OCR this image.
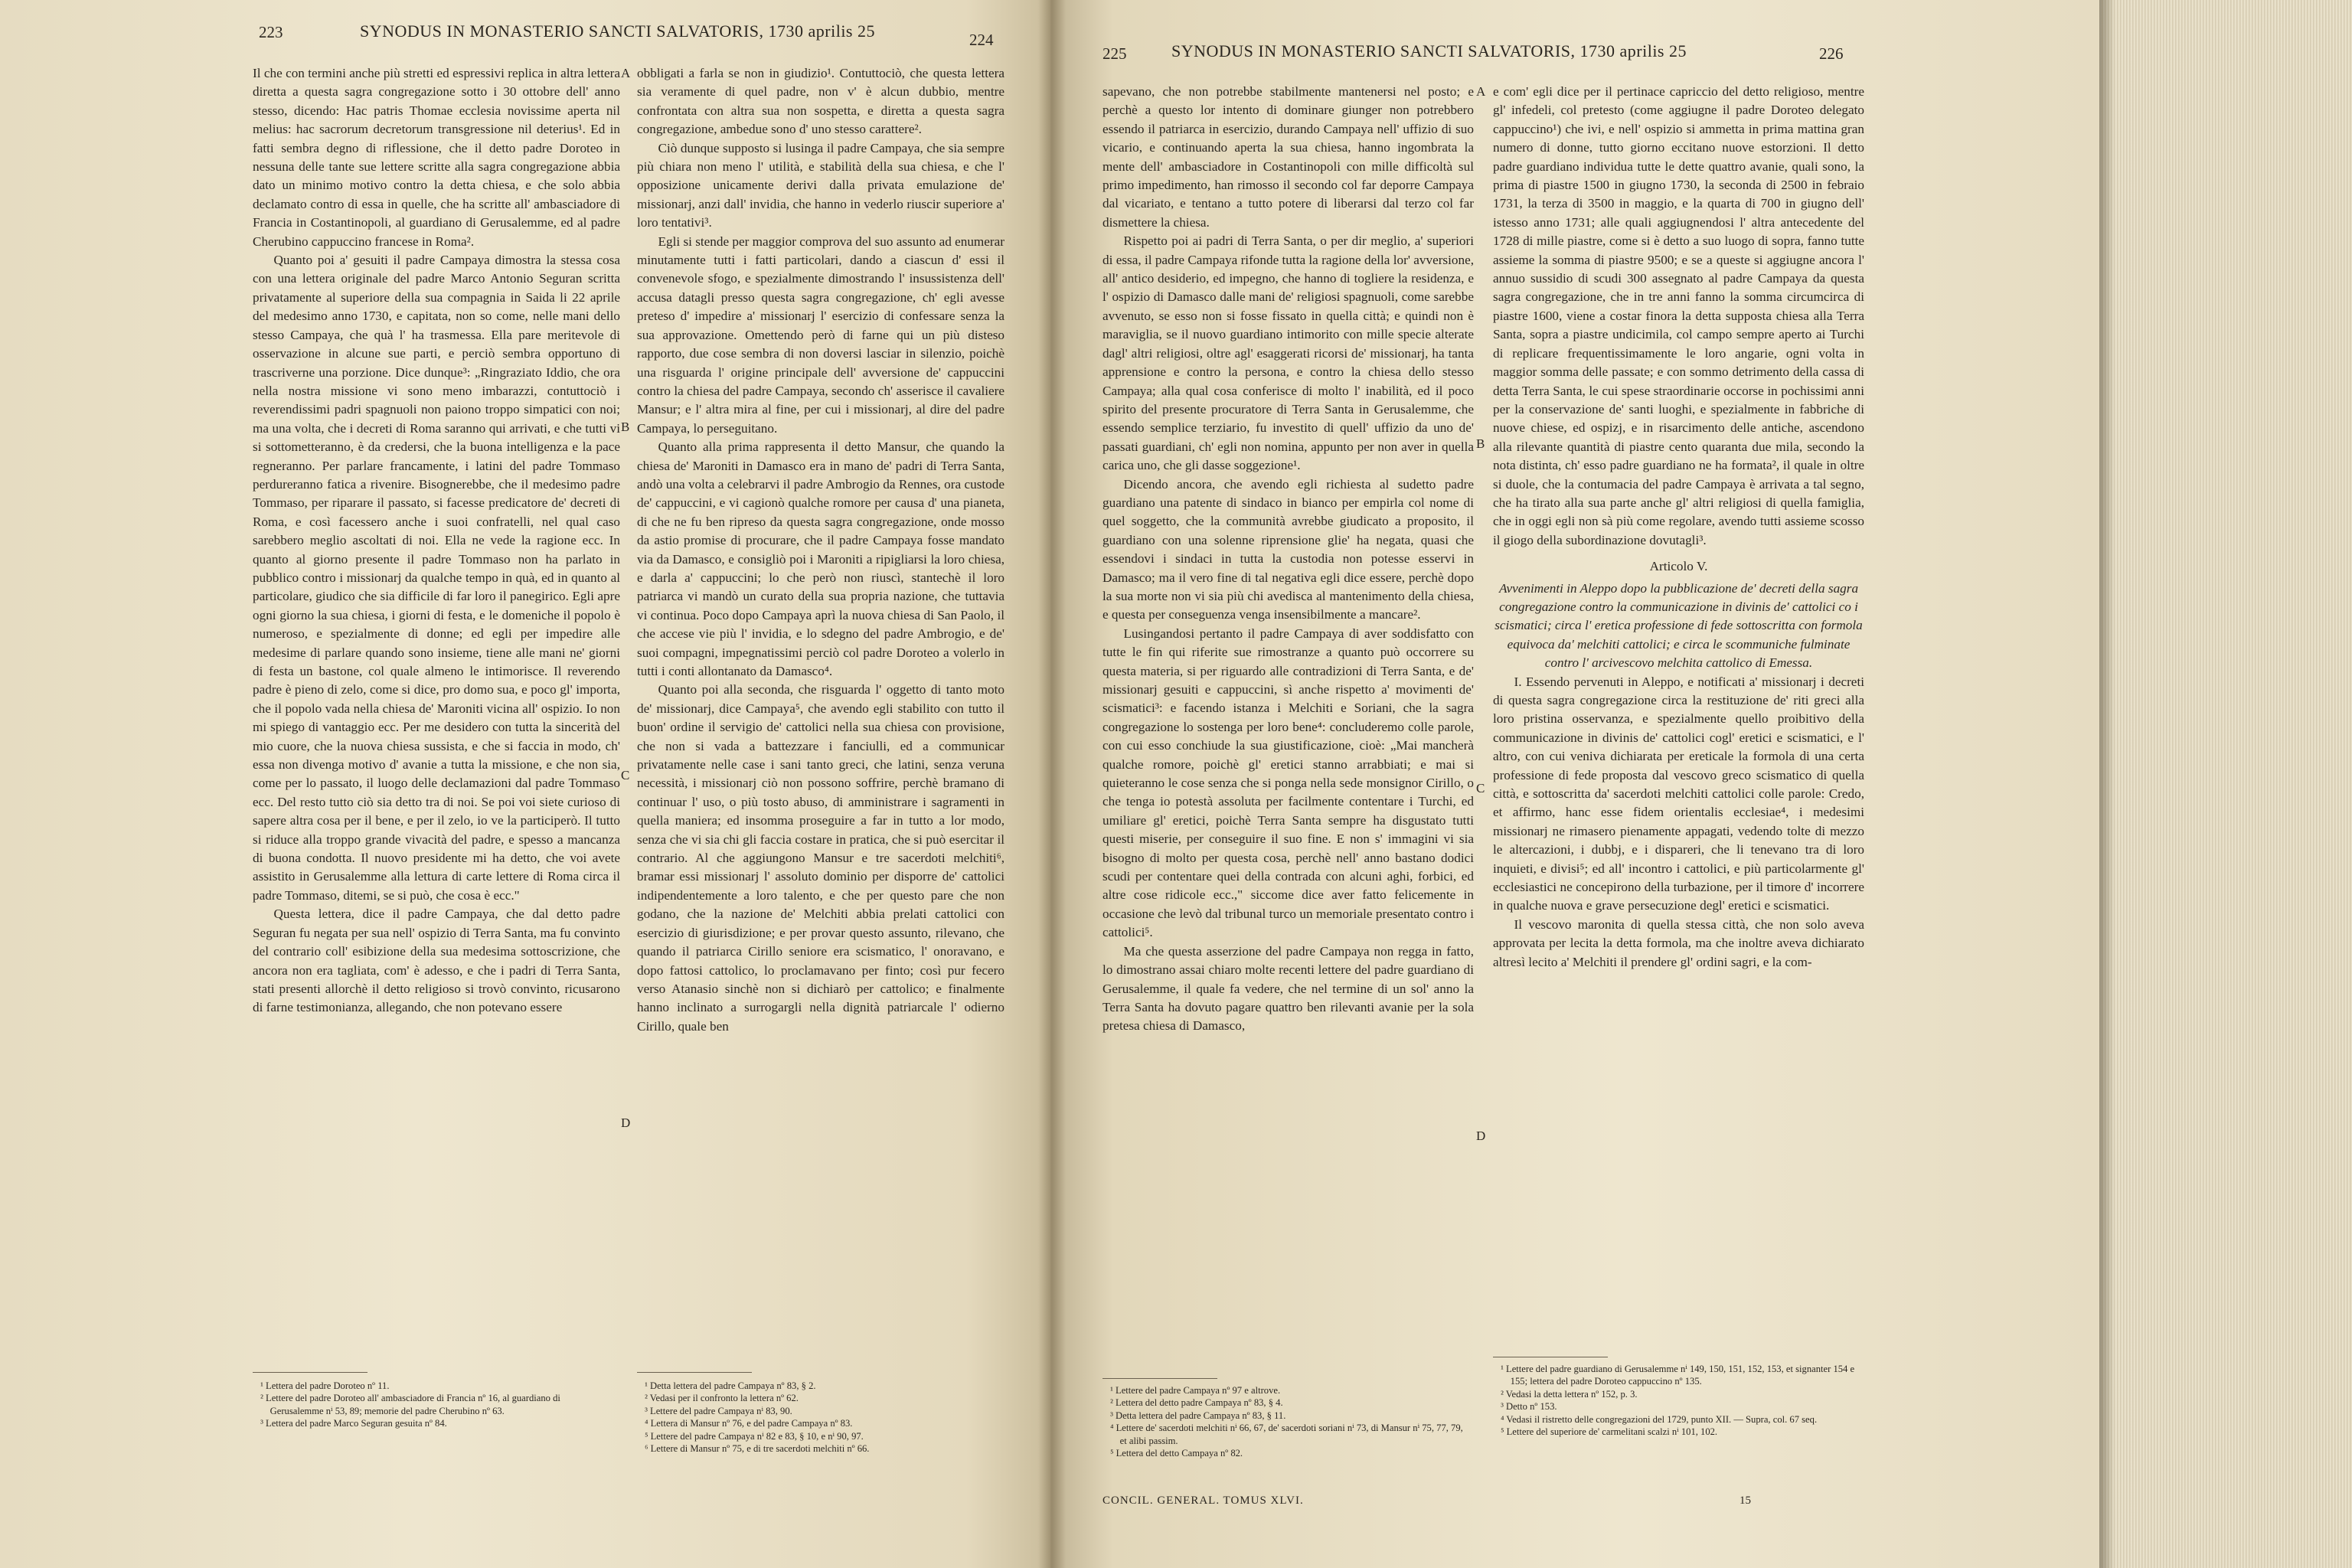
223	SYNODUS IN MONASTERIO SANCTI SALVATORIS, 1730 aprilis 25	224

Il che con termini anche più stretti ed espressivi replica in altra lettera diretta a questa sagra congregazione sotto i 30 ottobre dell' anno stesso, dicendo: Hac patris Thomae ecclesia novissime aperta nil melius: hac sacrorum decretorum transgressione nil deterius¹. Ed in fatti sembra degno di riflessione, che il detto padre Doroteo in nessuna delle tante sue lettere scritte alla sagra congregazione abbia dato un minimo motivo contro la detta chiesa, e che solo abbia declamato contro di essa in quelle, che ha scritte all' ambasciadore di Francia in Costantinopoli, al guardiano di Gerusalemme, ed al padre Cherubino cappuccino francese in Roma².

Quanto poi a' gesuiti il padre Campaya dimostra la stessa cosa con una lettera originale del padre Marco Antonio Seguran scritta privatamente al superiore della sua compagnia in Saida li 22 aprile del medesimo anno 1730, e capitata, non so come, nelle mani dello stesso Campaya, che quà l' ha trasmessa. Ella pare meritevole di osservazione in alcune sue parti, e perciò sembra opportuno di trascriverne una porzione. Dice dunque³: „Ringraziato Iddio, che ora nella nostra missione vi sono meno imbarazzi, contuttociò i reverendissimi padri spagnuoli non paiono troppo simpatici con noi; ma una volta, che i decreti di Roma saranno qui arrivati, e che tutti vi si sottometteranno, è da credersi, che la buona intelligenza e la pace regneranno. Per parlare francamente, i latini del padre Tommaso perdureranno fatica a rivenire. Bisognerebbe, che il medesimo padre Tommaso, per riparare il passato, si facesse predicatore de' decreti di Roma, e così facessero anche i suoi confratelli, nel qual caso sarebbero meglio ascoltati di noi. Ella ne vede la ragione ecc. In quanto al giorno presente il padre Tommaso non ha parlato in pubblico contro i missionarj da qualche tempo in quà, ed in quanto al particolare, giudico che sia difficile di far loro il panegirico. Egli apre ogni giorno la sua chiesa, i giorni di festa, e le domeniche il popolo è numeroso, e spezialmente di donne; ed egli per impedire alle medesime di parlare quando sono insieme, tiene alle mani ne' giorni di festa un bastone, col quale almeno le intimorisce. Il reverendo padre è pieno di zelo, come si dice, pro domo sua, e poco gl' importa, che il popolo vada nella chiesa de' Maroniti vicina all' ospizio. Io non mi spiego di vantaggio ecc. Per me desidero con tutta la sincerità del mio cuore, che la nuova chiesa sussista, e che si faccia in modo, ch' essa non divenga motivo d' avanie a tutta la missione, e che non sia, come per lo passato, il luogo delle declamazioni dal padre Tommaso ecc. Del resto tutto ciò sia detto tra di noi. Se poi voi siete curioso di sapere altra cosa per il bene, e per il zelo, io ve la participerò. Il tutto si riduce alla troppo grande vivacità del padre, e spesso a mancanza di buona condotta. Il nuovo presidente mi ha detto, che voi avete assistito in Gerusalemme alla lettura di carte lettere di Roma circa il padre Tommaso, ditemi, se si può, che cosa è ecc."

Questa lettera, dice il padre Campaya, che dal detto padre Seguran fu negata per sua nell' ospizio di Terra Santa, ma fu convinto del contrario coll' esibizione della sua medesima sottoscrizione, che ancora non era tagliata, com' è adesso, e che i padri di Terra Santa, stati presenti allorchè il detto religioso si trovò convinto, ricusarono di farne testimonianza, allegando, che non potevano essere

A
B
C
D

obbligati a farla se non in giudizio¹. Contuttociò, che questa lettera sia veramente di quel padre, non v' è alcun dubbio, mentre confrontata con altra sua non sospetta, e diretta a questa sagra congregazione, ambedue sono d' uno stesso carattere².

Ciò dunque supposto si lusinga il padre Campaya, che sia sempre più chiara non meno l' utilità, e stabilità della sua chiesa, e che l' opposizione unicamente derivi dalla privata emulazione de' missionarj, anzi dall' invidia, che hanno in vederlo riuscir superiore a' loro tentativi³.

Egli si stende per maggior comprova del suo assunto ad enumerar minutamente tutti i fatti particolari, dando a ciascun d' essi il convenevole sfogo, e spezialmente dimostrando l' insussistenza dell' accusa datagli presso questa sagra congregazione, ch' egli avesse preteso d' impedire a' missionarj l' esercizio di confessare senza la sua approvazione. Omettendo però di farne qui un più disteso rapporto, due cose sembra di non doversi lasciar in silenzio, poichè una risguarda l' origine principale dell' avversione de' cappuccini contro la chiesa del padre Campaya, secondo ch' asserisce il cavaliere Mansur; e l' altra mira al fine, per cui i missionarj, al dire del padre Campaya, lo perseguitano.

Quanto alla prima rappresenta il detto Mansur, che quando la chiesa de' Maroniti in Damasco era in mano de' padri di Terra Santa, andò una volta a celebrarvi il padre Ambrogio da Rennes, ora custode de' cappuccini, e vi cagionò qualche romore per causa d' una pianeta, di che ne fu ben ripreso da questa sagra congregazione, onde mosso da astio promise di procurare, che il padre Campaya fosse mandato via da Damasco, e consigliò poi i Maroniti a ripigliarsi la loro chiesa, e darla a' cappuccini; lo che però non riuscì, stantechè il loro patriarca vi mandò un curato della sua propria nazione, che tuttavia vi continua. Poco dopo Campaya aprì la nuova chiesa di San Paolo, il che accese vie più l' invidia, e lo sdegno del padre Ambrogio, e de' suoi compagni, impegnatissimi perciò col padre Doroteo a volerlo in tutti i conti allontanato da Damasco⁴.

Quanto poi alla seconda, che risguarda l' oggetto di tanto moto de' missionarj, dice Campaya⁵, che avendo egli stabilito con tutto il buon' ordine il servigio de' cattolici nella sua chiesa con provisione, che non si vada a battezzare i fanciulli, ed a communicar privatamente nelle case i sani tanto greci, che latini, senza veruna necessità, i missionarj ciò non possono soffrire, perchè bramano di continuar l' uso, o più tosto abuso, di amministrare i sagramenti in quella maniera; ed insomma proseguire a far in tutto a lor modo, senza che vi sia chi gli faccia costare in pratica, che si può esercitar il contrario. Al che aggiungono Mansur e tre sacerdoti melchiti⁶, bramar essi missionarj l' assoluto dominio per disporre de' cattolici indipendentemente a loro talento, e che per questo pare che non godano, che la nazione de' Melchiti abbia prelati cattolici con esercizio di giurisdizione; e per provar questo assunto, rilevano, che quando il patriarca Cirillo seniore era scismatico, l' onoravano, e dopo fattosi cattolico, lo proclamavano per finto; così pur fecero verso Atanasio sinchè non si dichiarò per cattolico; e finalmente hanno inclinato a surrogargli nella dignità patriarcale l' odierno Cirillo, quale ben

¹ Lettera del padre Doroteo nº 11.
² Lettere del padre Doroteo all' ambasciadore di Francia nº 16, al guardiano di Gerusalemme nⁱ 53, 89; memorie del padre Cherubino nº 63.
³ Lettera del padre Marco Seguran gesuita nº 84.
¹ Detta lettera del padre Campaya nº 83, § 2.
² Vedasi per il confronto la lettera nº 62.
³ Lettere del padre Campaya nⁱ 83, 90.
⁴ Lettera di Mansur nº 76, e del padre Campaya nº 83.
⁵ Lettere del padre Campaya nⁱ 82 e 83, § 10, e nⁱ 90, 97.
⁶ Lettere di Mansur nº 75, e di tre sacerdoti melchiti nº 66.
225	SYNODUS IN MONASTERIO SANCTI SALVATORIS, 1730 aprilis 25	226

sapevano, che non potrebbe stabilmente mantenersi nel posto; e perchè a questo lor intento di dominare giunger non potrebbero essendo il patriarca in esercizio, durando Campaya nell' uffizio di suo vicario, e continuando aperta la sua chiesa, hanno ingombrata la mente dell' ambasciadore in Costantinopoli con mille difficoltà sul primo impedimento, han rimosso il secondo col far deporre Campaya dal vicariato, e tentano a tutto potere di liberarsi dal terzo col far dismettere la chiesa.

Rispetto poi ai padri di Terra Santa, o per dir meglio, a' superiori di essa, il padre Campaya rifonde tutta la ragione della lor' avversione, all' antico desiderio, ed impegno, che hanno di togliere la residenza, e l' ospizio di Damasco dalle mani de' religiosi spagnuoli, come sarebbe avvenuto, se esso non si fosse fissato in quella città; e quindi non è maraviglia, se il nuovo guardiano intimorito con mille specie alterate dagl' altri religiosi, oltre agl' esaggerati ricorsi de' missionarj, ha tanta apprensione e contro la persona, e contro la chiesa dello stesso Campaya; alla qual cosa conferisce di molto l' inabilità, ed il poco spirito del presente procuratore di Terra Santa in Gerusalemme, che essendo semplice terziario, fu investito di quell' uffizio da uno de' passati guardiani, ch' egli non nomina, appunto per non aver in quella carica uno, che gli dasse soggezione¹.

Dicendo ancora, che avendo egli richiesta al sudetto padre guardiano una patente di sindaco in bianco per empirla col nome di quel soggetto, che la communità avrebbe giudicato a proposito, il guardiano con una solenne riprensione glie' ha negata, quasi che essendovi i sindaci in tutta la custodia non potesse esservi in Damasco; ma il vero fine di tal negativa egli dice essere, perchè dopo la sua morte non vi sia più chi avedisca al mantenimento della chiesa, e questa per conseguenza venga insensibilmente a mancare².

Lusingandosi pertanto il padre Campaya di aver soddisfatto con tutte le fin qui riferite sue rimostranze a quanto può occorrere su questa materia, si per riguardo alle contradizioni di Terra Santa, e de' missionarj gesuiti e cappuccini, sì anche rispetto a' movimenti de' scismatici³: e facendo istanza i Melchiti e Soriani, che la sagra congregazione lo sostenga per loro bene⁴: concluderemo colle parole, con cui esso conchiude la sua giustificazione, cioè: „Mai mancherà qualche romore, poichè gl' eretici stanno arrabbiati; e mai si quieteranno le cose senza che si ponga nella sede monsignor Cirillo, o che tenga io potestà assoluta per facilmente contentare i Turchi, ed umiliare gl' eretici, poichè Terra Santa sempre ha disgustato tutti questi miserie, per conseguire il suo fine. E non s' immagini vi sia bisogno di molto per questa cosa, perchè nell' anno bastano dodici scudi per contentare quei della contrada con alcuni aghi, forbici, ed altre cose ridicole ecc.," siccome dice aver fatto felicemente in occasione che levò dal tribunal turco un memoriale presentato contro i cattolici⁵.

Ma che questa asserzione del padre Campaya non regga in fatto, lo dimostrano assai chiaro molte recenti lettere del padre guardiano di Gerusalemme, il quale fa vedere, che nel termine di un sol' anno la Terra Santa ha dovuto pagare quattro ben rilevanti avanie per la sola pretesa chiesa di Damasco,

A
B
C
D

e com' egli dice per il pertinace capriccio del detto religioso, mentre gl' infedeli, col pretesto (come aggiugne il padre Doroteo delegato cappuccino¹) che ivi, e nell' ospizio si ammetta in prima mattina gran numero di donne, tutto giorno eccitano nuove estorzioni. Il detto padre guardiano individua tutte le dette quattro avanie, quali sono, la prima di piastre 1500 in giugno 1730, la seconda di 2500 in febraio 1731, la terza di 3500 in maggio, e la quarta di 700 in giugno dell' istesso anno 1731; alle quali aggiugnendosi l' altra antecedente del 1728 di mille piastre, come si è detto a suo luogo di sopra, fanno tutte assieme la somma di piastre 9500; e se a queste si aggiugne ancora l' annuo sussidio di scudi 300 assegnato al padre Campaya da questa sagra congregazione, che in tre anni fanno la somma circumcirca di piastre 1600, viene a costar finora la detta supposta chiesa alla Terra Santa, sopra a piastre undicimila, col campo sempre aperto ai Turchi di replicare frequentissimamente le loro angarie, ogni volta in maggior somma delle passate; e con sommo detrimento della cassa di detta Terra Santa, le cui spese straordinarie occorse in pochissimi anni per la conservazione de' santi luoghi, e spezialmente in fabbriche di nuove chiese, ed ospizj, e in risarcimento delle antiche, ascendono alla rilevante quantità di piastre cento quaranta due mila, secondo la nota distinta, ch' esso padre guardiano ne ha formata², il quale in oltre si duole, che la contumacia del padre Campaya è arrivata a tal segno, che ha tirato alla sua parte anche gl' altri religiosi di quella famiglia, che in oggi egli non sà più come regolare, avendo tutti assieme scosso il giogo della subordinazione dovutagli³.

Articolo V.

Avvenimenti in Aleppo dopo la pubblicazione de' decreti della sagra congregazione contro la communicazione in divinis de' cattolici co i scismatici; circa l' eretica professione di fede sottoscritta con formola equivoca da' melchiti cattolici; e circa le scommuniche fulminate contro l' arcivescovo melchita cattolico di Emessa.

I. Essendo pervenuti in Aleppo, e notificati a' missionarj i decreti di questa sagra congregazione circa la restituzione de' riti greci alla loro pristina osservanza, e spezialmente quello proibitivo della communicazione in divinis de' cattolici cogl' eretici e scismatici, e l' altro, con cui veniva dichiarata per ereticale la formola di una certa professione di fede proposta dal vescovo greco scismatico di quella città, e sottoscritta da' sacerdoti melchiti cattolici colle parole: Credo, et affirmo, hanc esse fidem orientalis ecclesiae⁴, i medesimi missionarj ne rimasero pienamente appagati, vedendo tolte di mezzo le altercazioni, i dubbj, e i dispareri, che li tenevano tra di loro inquieti, e divisi⁵; ed all' incontro i cattolici, e più particolarmente gl' ecclesiastici ne concepirono della turbazione, per il timore d' incorrere in qualche nuova e grave persecuzione degl' eretici e scismatici.

Il vescovo maronita di quella stessa città, che non solo aveva approvata per lecita la detta formola, ma che inoltre aveva dichiarato altresì lecito a' Melchiti il prendere gl' ordini sagri, e la com-

¹ Lettere del padre Campaya nº 97 e altrove.
² Lettera del detto padre Campaya nº 83, § 4.
³ Detta lettera del padre Campaya nº 83, § 11.
⁴ Lettere de' sacerdoti melchiti nⁱ 66, 67, de' sacerdoti soriani nⁱ 73, di Mansur nⁱ 75, 77, 79, et alibi passim.
⁵ Lettera del detto Campaya nº 82.
CONCIL. GENERAL. TOMUS XLVI.
¹ Lettere del padre guardiano di Gerusalemme nⁱ 149, 150, 151, 152, 153, et signanter 154 e 155; lettera del padre Doroteo cappuccino nº 135.
² Vedasi la detta lettera nº 152, p. 3.
³ Detto nº 153.
⁴ Vedasi il ristretto delle congregazioni del 1729, punto XII. — Supra, col. 67 seq.
⁵ Lettere del superiore de' carmelitani scalzi nⁱ 101, 102.
15
